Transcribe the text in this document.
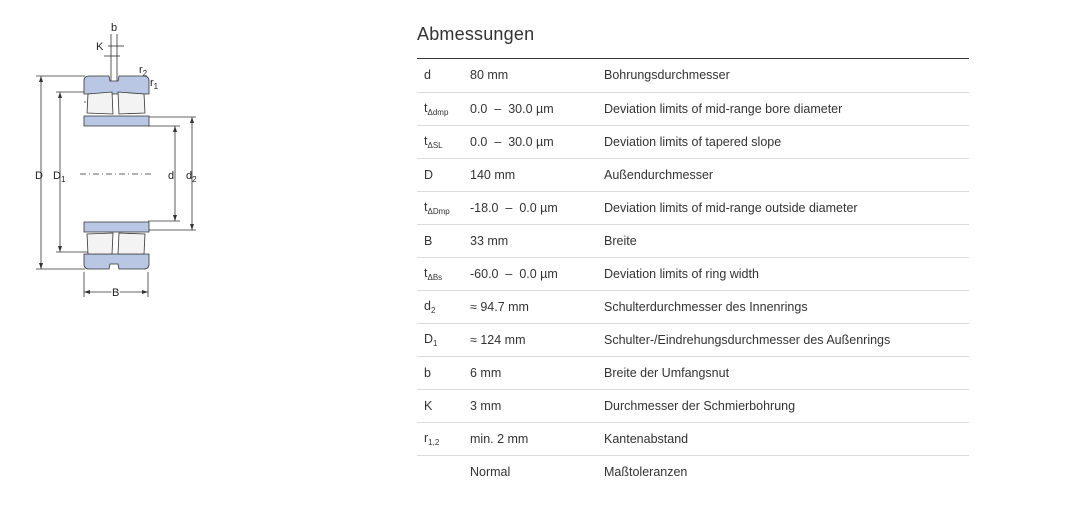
b
K
$r_2$
$r_1$
D $D_1$	d $d_2$
B
Abmessungen
d	80 mm	Bohrungsdurchmesser
$t_{\Delta dmp}$	0.0  –  30.0 µm	Deviation limits of mid-range bore diameter
$t_{\Delta SL}$	0.0  –  30.0 µm	Deviation limits of tapered slope
D	140 mm	Außendurchmesser
$t_{\Delta Dmp}$	-18.0  –  0.0 µm	Deviation limits of mid-range outside diameter
B	33 mm	Breite
$t_{\Delta Bs}$	-60.0  –  0.0 µm	Deviation limits of ring width
$d_2$	≈ 94.7 mm	Schulterdurchmesser des Innenrings
$D_1$	≈ 124 mm	Schulter-/Eindrehungsdurchmesser des Außenrings
b	6 mm	Breite der Umfangsnut
K	3 mm	Durchmesser der Schmierbohrung
$r_{1,2}$	min. 2 mm	Kantenabstand
	Normal	Maßtoleranzen
